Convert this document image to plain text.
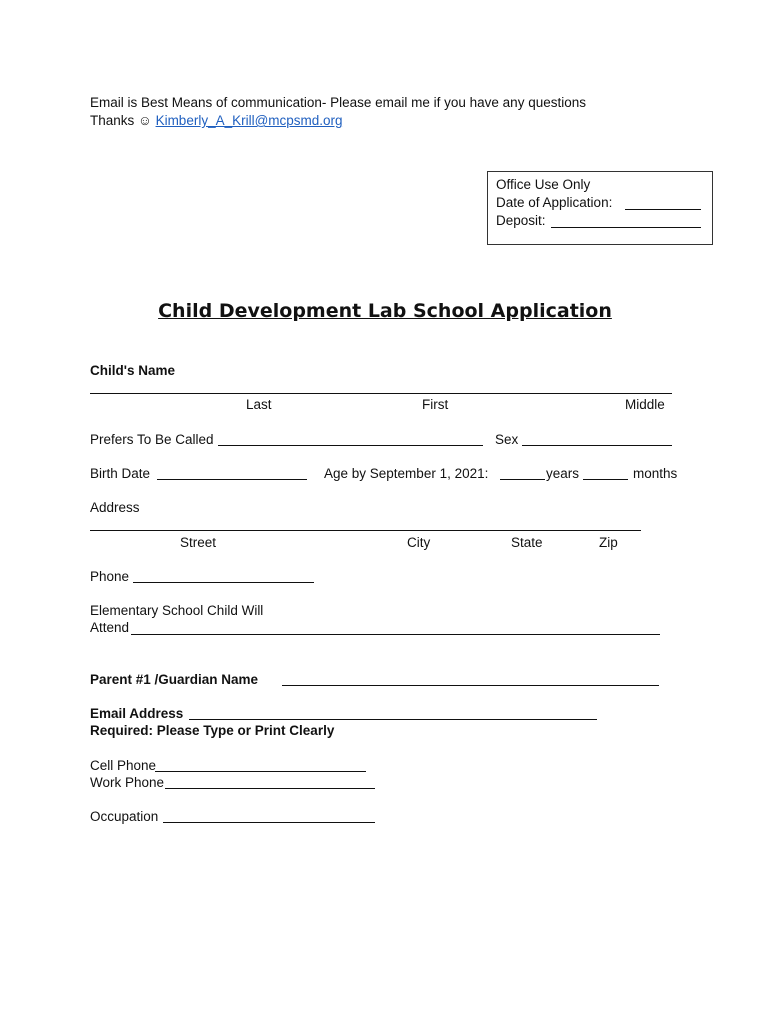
Email is Best Means of communication- Please email me if you have any questions
Thanks ☺ Kimberly_A_Krill@mcpsmd.org
Office Use Only
Date of Application:
Deposit:
Child Development Lab School Application
Child's Name
Last	First	Middle
Prefers To Be Called	Sex
Birth Date	Age by September 1, 2021:	years	months
Address
Street	City	State	Zip
Phone
Elementary School Child Will
Attend
Parent #1 /Guardian Name
Email Address
Required: Please Type or Print Clearly
Cell Phone
Work Phone
Occupation
